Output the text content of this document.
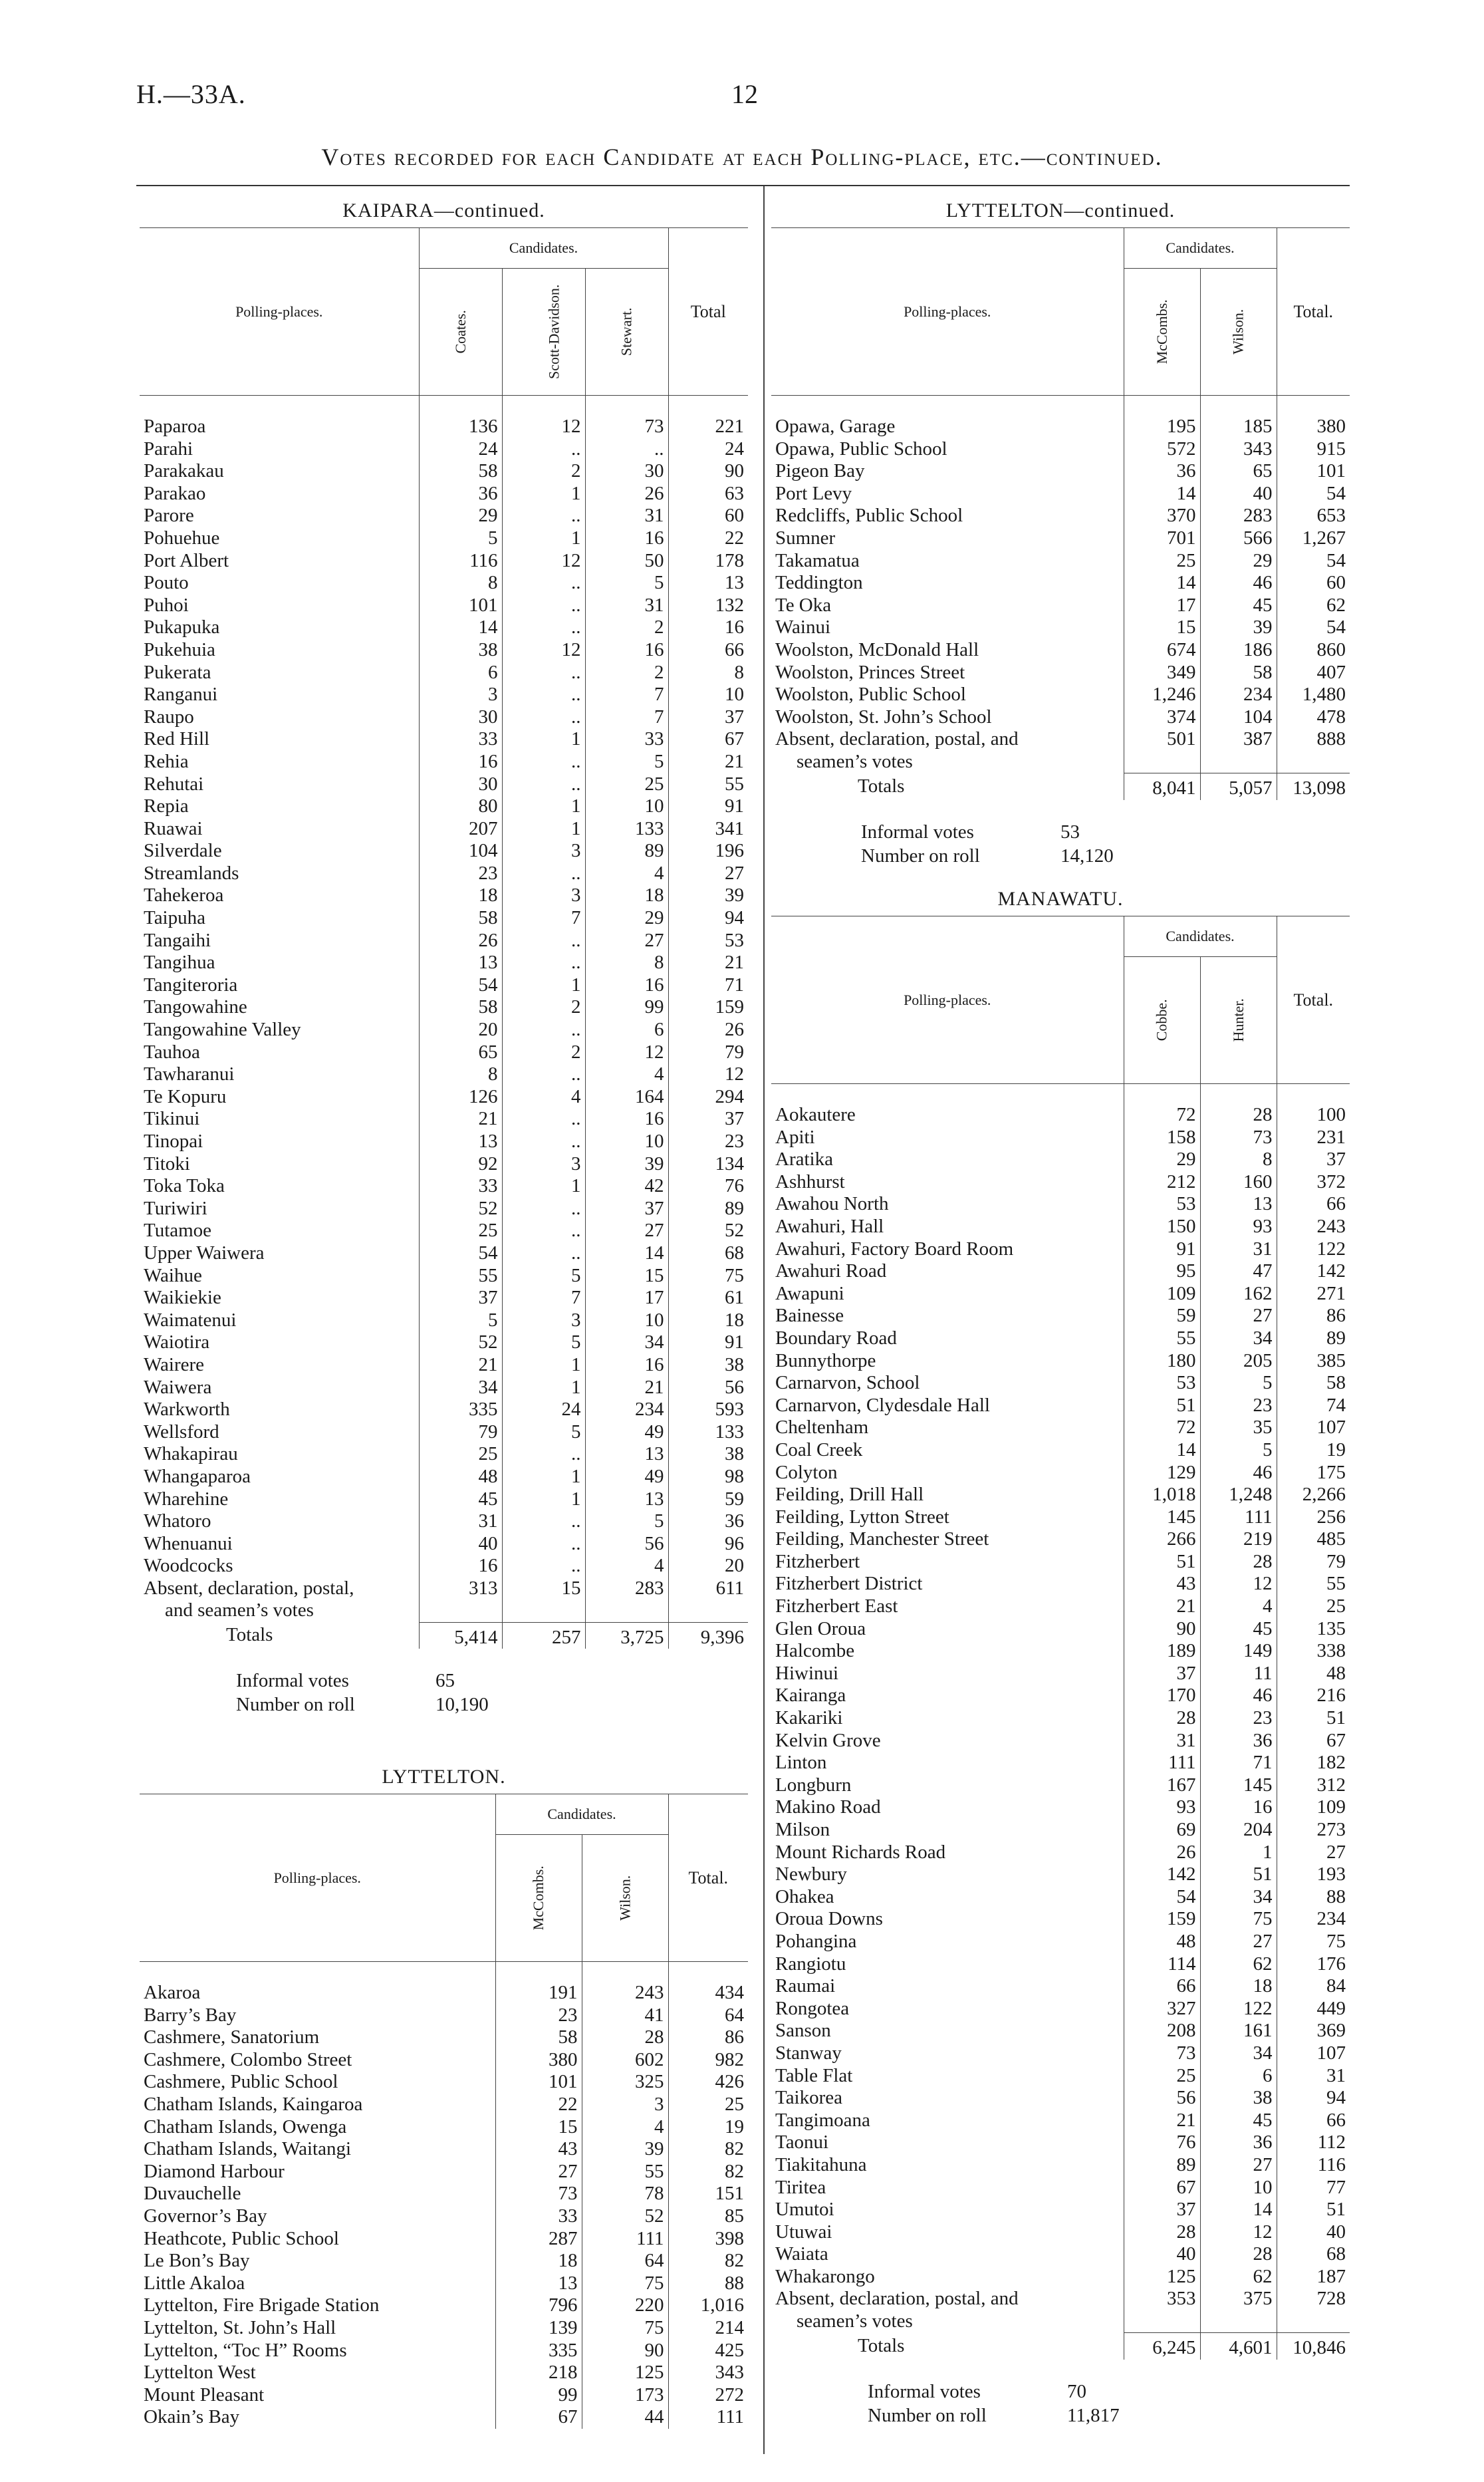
H.—33A.	12
Votes recorded for each Candidate at each Polling-place, etc.—continued.
KAIPARA—continued.
Polling-places.	Candidates.			Total
	Coates.	Scott-Davidson.	Stewart.	
Paparoa	136	12	73	221
Parahi	24	..	..	24
Parakakau	58	2	30	90
Parakao	36	1	26	63
Parore	29	..	31	60
Pohuehue	5	1	16	22
Port Albert	116	12	50	178
Pouto	8	..	5	13
Puhoi	101	..	31	132
Pukapuka	14	..	2	16
Pukehuia	38	12	16	66
Pukerata	6	..	2	8
Ranganui	3	..	7	10
Raupo	30	..	7	37
Red Hill	33	1	33	67
Rehia	16	..	5	21
Rehutai	30	..	25	55
Repia	80	1	10	91
Ruawai	207	1	133	341
Silverdale	104	3	89	196
Streamlands	23	..	4	27
Tahekeroa	18	3	18	39
Taipuha	58	7	29	94
Tangaihi	26	..	27	53
Tangihua	13	..	8	21
Tangiteroria	54	1	16	71
Tangowahine	58	2	99	159
Tangowahine Valley	20	..	6	26
Tauhoa	65	2	12	79
Tawharanui	8	..	4	12
Te Kopuru	126	4	164	294
Tikinui	21	..	16	37
Tinopai	13	..	10	23
Titoki	92	3	39	134
Toka Toka	33	1	42	76
Turiwiri	52	..	37	89
Tutamoe	25	..	27	52
Upper Waiwera	54	..	14	68
Waihue	55	5	15	75
Waikiekie	37	7	17	61
Waimatenui	5	3	10	18
Waiotira	52	5	34	91
Wairere	21	1	16	38
Waiwera	34	1	21	56
Warkworth	335	24	234	593
Wellsford	79	5	49	133
Whakapirau	25	..	13	38
Whangaparoa	48	1	49	98
Wharehine	45	1	13	59
Whatoro	31	..	5	36
Whenuanui	40	..	56	96
Woodcocks	16	..	4	20
Absent, declaration, postal,	313	15	283	611
and seamen’s votes				
Totals	5,414	257	3,725	9,396
Informal votes	65
Number on roll	10,190
LYTTELTON.
Polling-places.	Candidates.		Total.
	McCombs.	Wilson.	
Akaroa	191	243	434
Barry’s Bay	23	41	64
Cashmere, Sanatorium	58	28	86
Cashmere, Colombo Street	380	602	982
Cashmere, Public School	101	325	426
Chatham Islands, Kaingaroa	22	3	25
Chatham Islands, Owenga	15	4	19
Chatham Islands, Waitangi	43	39	82
Diamond Harbour	27	55	82
Duvauchelle	73	78	151
Governor’s Bay	33	52	85
Heathcote, Public School	287	111	398
Le Bon’s Bay	18	64	82
Little Akaloa	13	75	88
Lyttelton, Fire Brigade Station	796	220	1,016
Lyttelton, St. John’s Hall	139	75	214
Lyttelton, “Toc H” Rooms	335	90	425
Lyttelton West	218	125	343
Mount Pleasant	99	173	272
Okain’s Bay	67	44	111
LYTTELTON—continued.
Polling-places.	Candidates.		Total.
	McCombs.	Wilson.	
Opawa, Garage	195	185	380
Opawa, Public School	572	343	915
Pigeon Bay	36	65	101
Port Levy	14	40	54
Redcliffs, Public School	370	283	653
Sumner	701	566	1,267
Takamatua	25	29	54
Teddington	14	46	60
Te Oka	17	45	62
Wainui	15	39	54
Woolston, McDonald Hall	674	186	860
Woolston, Princes Street	349	58	407
Woolston, Public School	1,246	234	1,480
Woolston, St. John’s School	374	104	478
Absent, declaration, postal, and	501	387	888
seamen’s votes			
Totals	8,041	5,057	13,098
Informal votes	53
Number on roll	14,120
MANAWATU.
Polling-places.	Candidates.		Total.
	Cobbe.	Hunter.	
Aokautere	72	28	100
Apiti	158	73	231
Aratika	29	8	37
Ashhurst	212	160	372
Awahou North	53	13	66
Awahuri, Hall	150	93	243
Awahuri, Factory Board Room	91	31	122
Awahuri Road	95	47	142
Awapuni	109	162	271
Bainesse	59	27	86
Boundary Road	55	34	89
Bunnythorpe	180	205	385
Carnarvon, School	53	5	58
Carnarvon, Clydesdale Hall	51	23	74
Cheltenham	72	35	107
Coal Creek	14	5	19
Colyton	129	46	175
Feilding, Drill Hall	1,018	1,248	2,266
Feilding, Lytton Street	145	111	256
Feilding, Manchester Street	266	219	485
Fitzherbert	51	28	79
Fitzherbert District	43	12	55
Fitzherbert East	21	4	25
Glen Oroua	90	45	135
Halcombe	189	149	338
Hiwinui	37	11	48
Kairanga	170	46	216
Kakariki	28	23	51
Kelvin Grove	31	36	67
Linton	111	71	182
Longburn	167	145	312
Makino Road	93	16	109
Milson	69	204	273
Mount Richards Road	26	1	27
Newbury	142	51	193
Ohakea	54	34	88
Oroua Downs	159	75	234
Pohangina	48	27	75
Rangiotu	114	62	176
Raumai	66	18	84
Rongotea	327	122	449
Sanson	208	161	369
Stanway	73	34	107
Table Flat	25	6	31
Taikorea	56	38	94
Tangimoana	21	45	66
Taonui	76	36	112
Tiakitahuna	89	27	116
Tiritea	67	10	77
Umutoi	37	14	51
Utuwai	28	12	40
Waiata	40	28	68
Whakarongo	125	62	187
Absent, declaration, postal, and	353	375	728
seamen’s votes			
Totals	6,245	4,601	10,846
Informal votes	70
Number on roll	11,817
